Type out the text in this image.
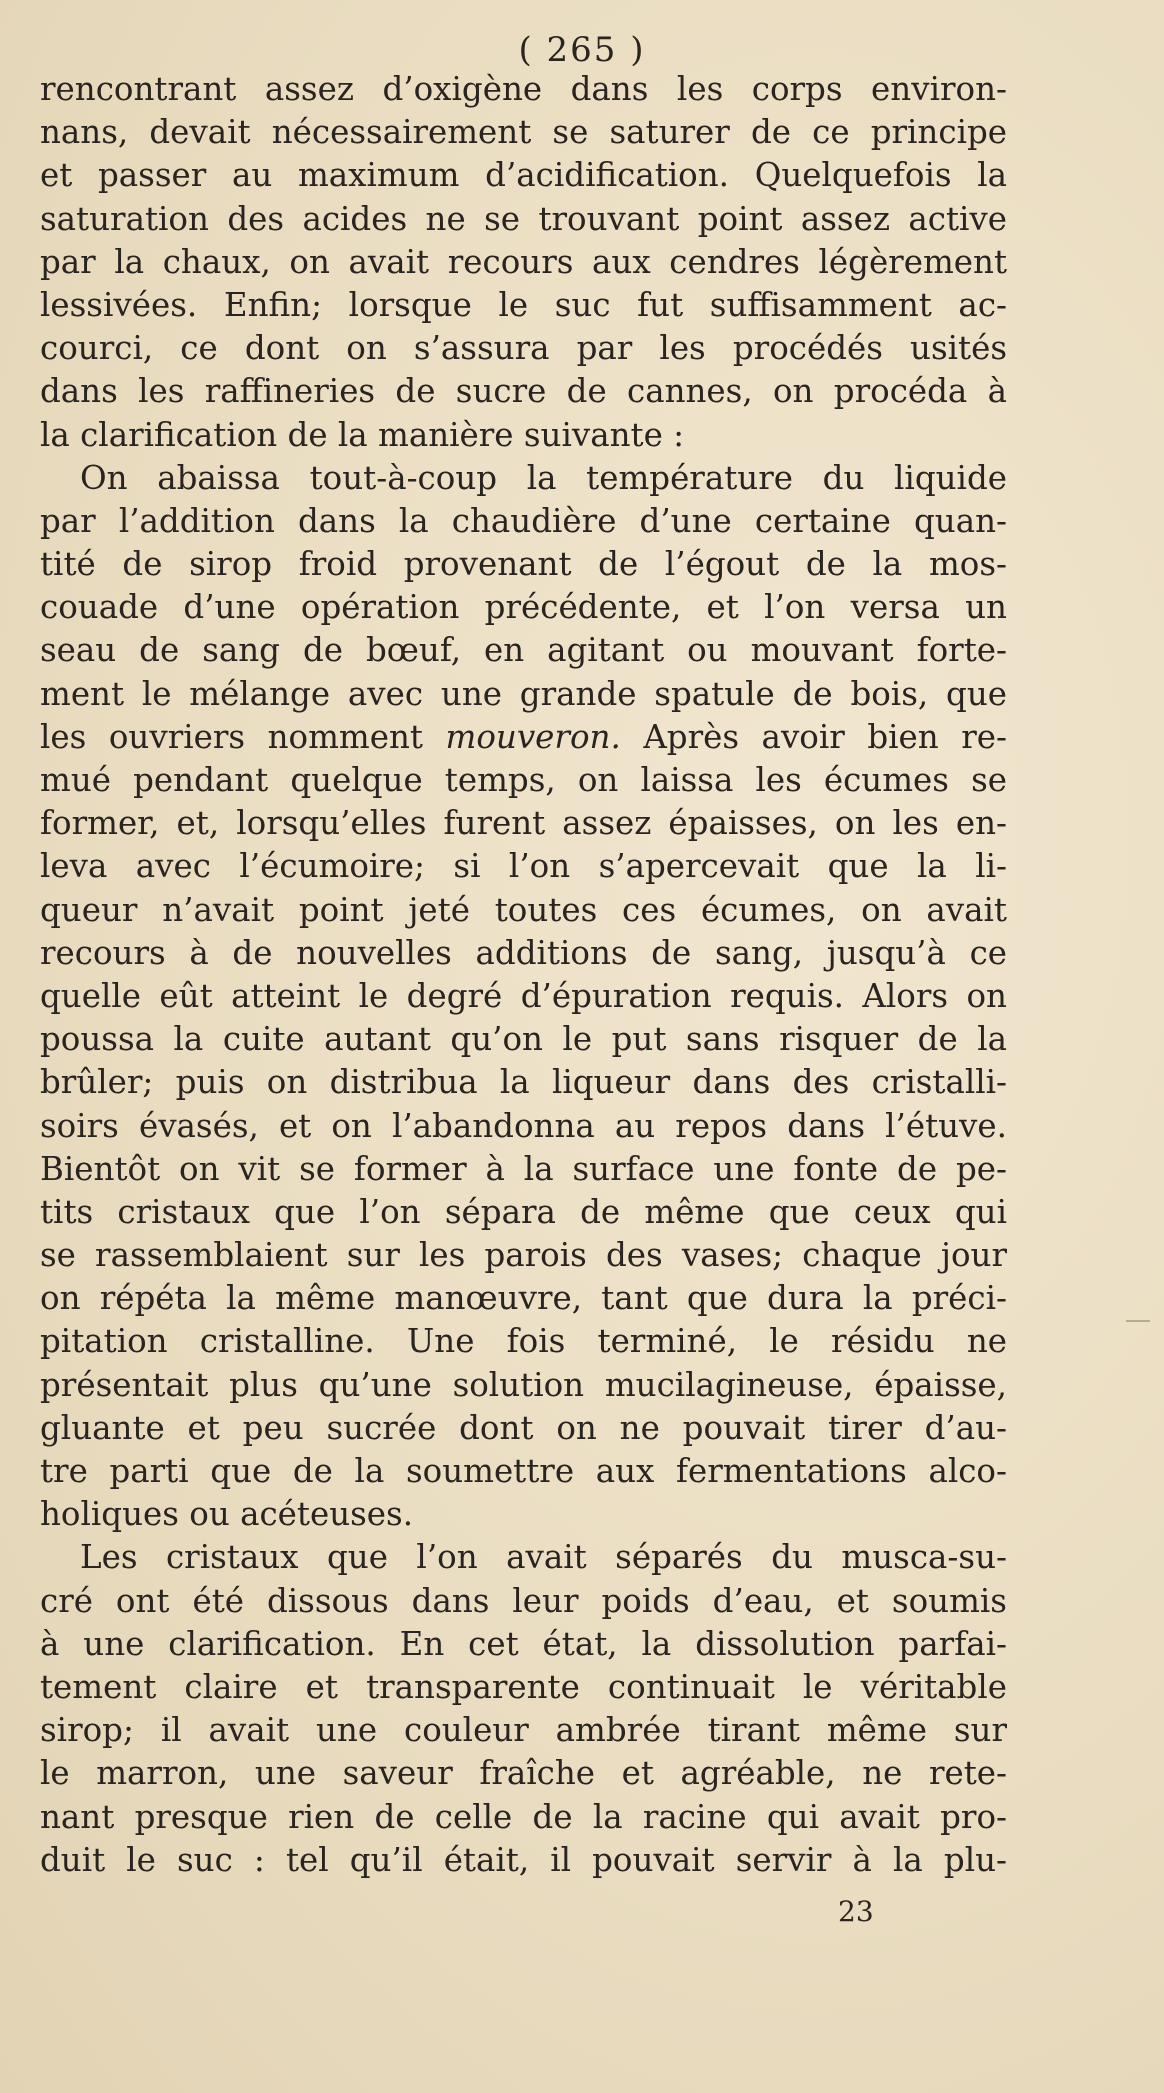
( 265 )
rencontrant assez d’oxigène dans les corps environ-
nans, devait nécessairement se saturer de ce principe
et passer au maximum d’acidification. Quelquefois la
saturation des acides ne se trouvant point assez active
par la chaux, on avait recours aux cendres légèrement
lessivées. Enfin; lorsque le suc fut suffisamment ac-
courci, ce dont on s’assura par les procédés usités
dans les raffineries de sucre de cannes, on procéda à
la clarification de la manière suivante :
On abaissa tout-à-coup la température du liquide
par l’addition dans la chaudière d’une certaine quan-
tité de sirop froid provenant de l’égout de la mos-
couade d’une opération précédente, et l’on versa un
seau de sang de bœuf, en agitant ou mouvant forte-
ment le mélange avec une grande spatule de bois, que
les ouvriers nomment mouveron. Après avoir bien re-
mué pendant quelque temps, on laissa les écumes se
former, et, lorsqu’elles furent assez épaisses, on les en-
leva avec l’écumoire; si l’on s’apercevait que la li-
queur n’avait point jeté toutes ces écumes, on avait
recours à de nouvelles additions de sang, jusqu’à ce
quelle eût atteint le degré d’épuration requis. Alors on
poussa la cuite autant qu’on le put sans risquer de la
brûler; puis on distribua la liqueur dans des cristalli-
soirs évasés, et on l’abandonna au repos dans l’étuve.
Bientôt on vit se former à la surface une fonte de pe-
tits cristaux que l’on sépara de même que ceux qui
se rassemblaient sur les parois des vases; chaque jour
on répéta la même manœuvre, tant que dura la préci-
pitation cristalline. Une fois terminé, le résidu ne
présentait plus qu’une solution mucilagineuse, épaisse,
gluante et peu sucrée dont on ne pouvait tirer d’au-
tre parti que de la soumettre aux fermentations alco-
holiques ou acéteuses.
Les cristaux que l’on avait séparés du musca-su-
cré ont été dissous dans leur poids d’eau, et soumis
à une clarification. En cet état, la dissolution parfai-
tement claire et transparente continuait le véritable
sirop; il avait une couleur ambrée tirant même sur
le marron, une saveur fraîche et agréable, ne rete-
nant presque rien de celle de la racine qui avait pro-
duit le suc : tel qu’il était, il pouvait servir à la plu-
23
